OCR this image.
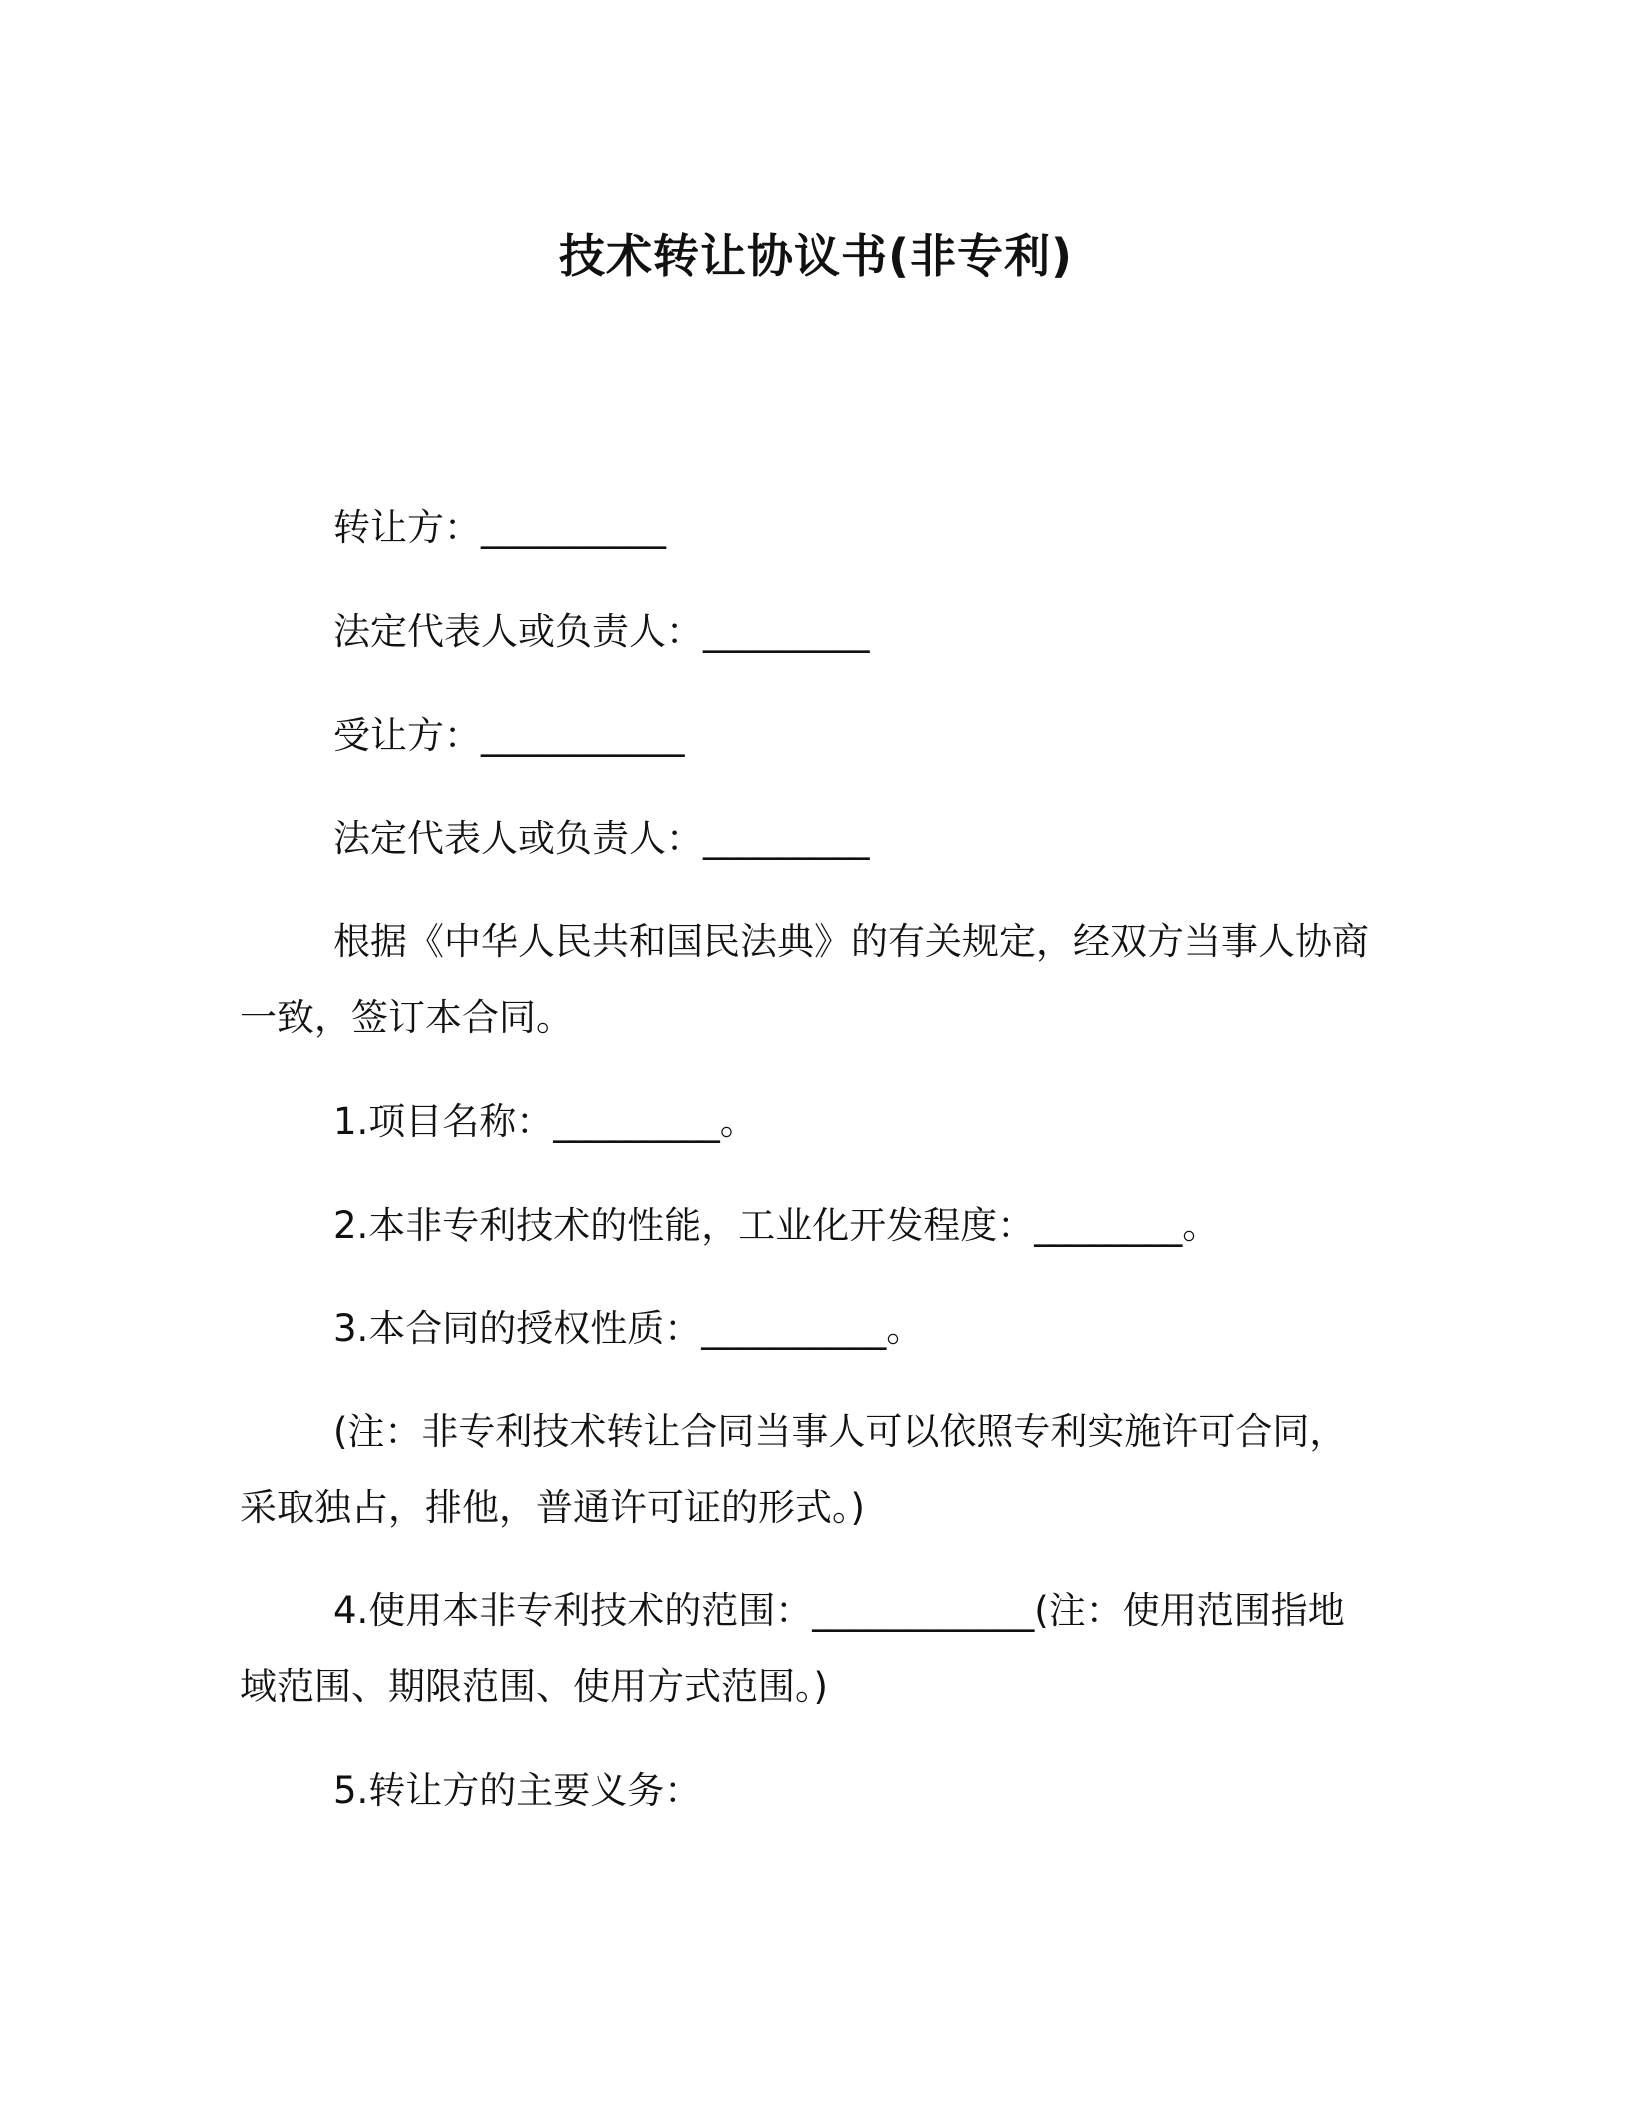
技术转让协议书(非专利)

转让方：__________

法定代表人或负责人：_________

受让方：___________

法定代表人或负责人：_________

根据《中华人民共和国民法典》的有关规定，经双方当事人协商

一致，签订本合同。

1.项目名称：_________。

2.本非专利技术的性能，工业化开发程度：________。

3.本合同的授权性质：__________。

(注：非专利技术转让合同当事人可以依照专利实施许可合同，

采取独占，排他，普通许可证的形式。)

4.使用本非专利技术的范围：____________(注：使用范围指地

域范围、期限范围、使用方式范围。)

5.转让方的主要义务：
